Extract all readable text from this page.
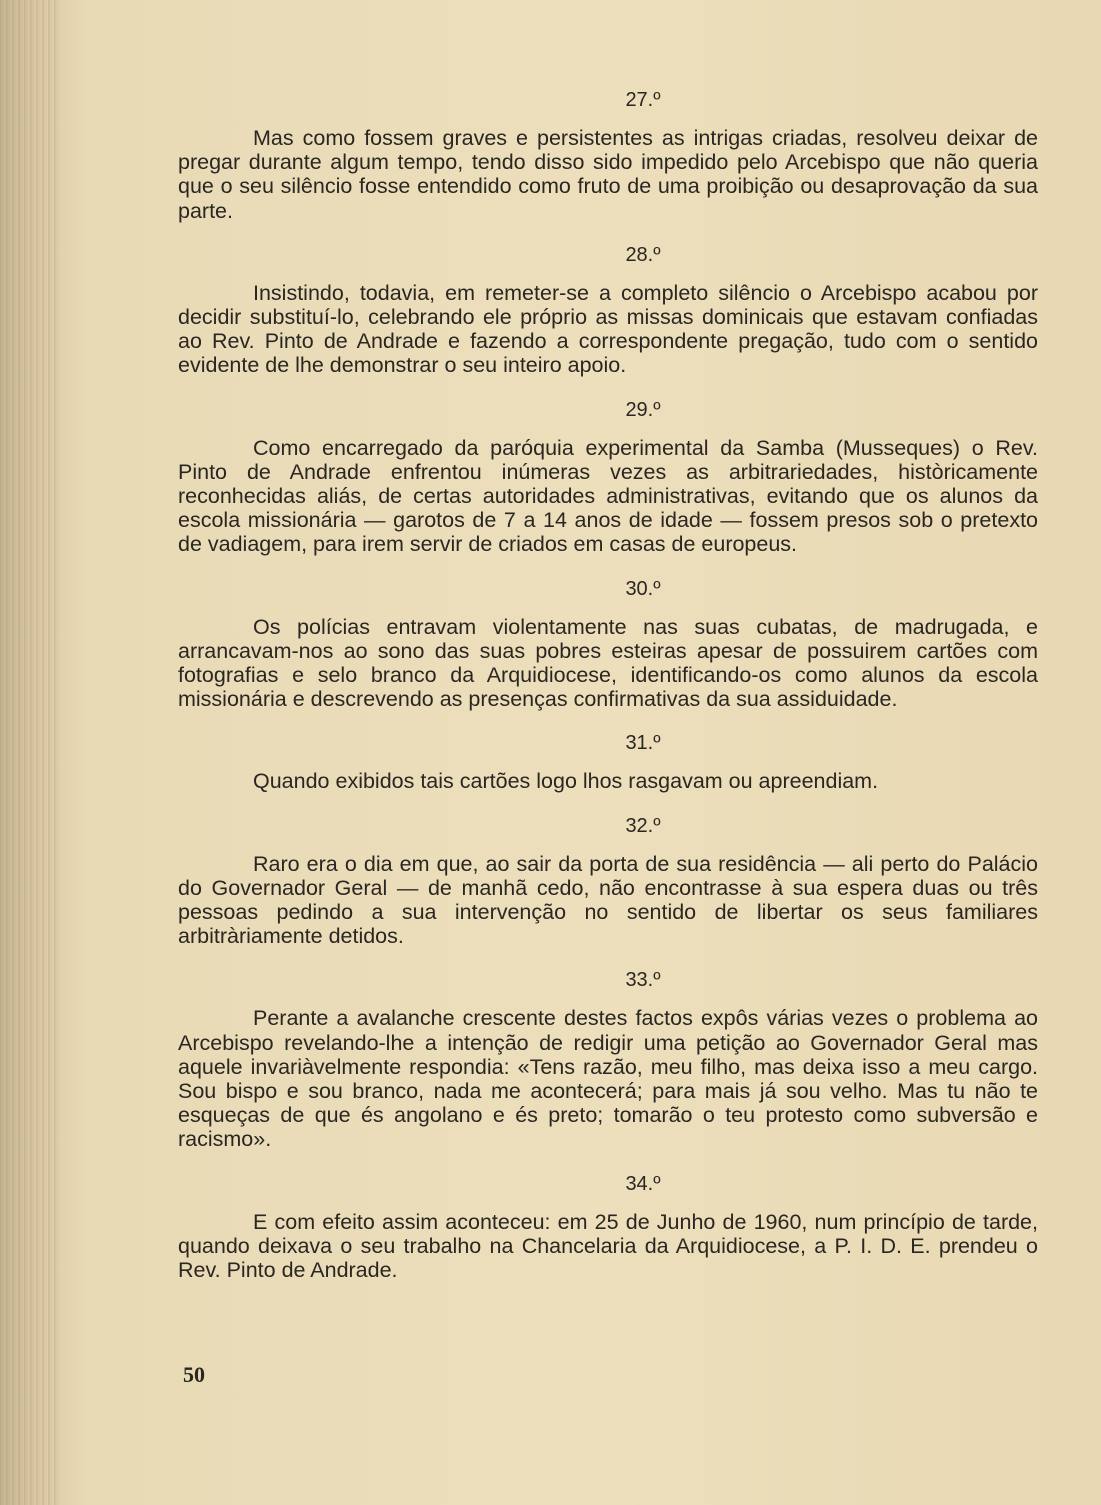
27.º

Mas como fossem graves e persistentes as intrigas criadas, resolveu deixar de pregar durante algum tempo, tendo disso sido impedido pelo Arcebispo que não queria que o seu silêncio fosse entendido como fruto de uma proibição ou desaprovação da sua parte.

28.º

Insistindo, todavia, em remeter-se a completo silêncio o Arcebispo acabou por decidir substituí-lo, celebrando ele próprio as missas dominicais que estavam confiadas ao Rev. Pinto de Andrade e fazendo a correspondente pregação, tudo com o sentido evidente de lhe demonstrar o seu inteiro apoio.

29.º

Como encarregado da paróquia experimental da Samba (Musseques) o Rev. Pinto de Andrade enfrentou inúmeras vezes as arbitrariedades, històricamente reconhecidas aliás, de certas autoridades administrativas, evitando que os alunos da escola missionária — garotos de 7 a 14 anos de idade — fossem presos sob o pretexto de vadiagem, para irem servir de criados em casas de europeus.

30.º

Os polícias entravam violentamente nas suas cubatas, de madrugada, e arrancavam-nos ao sono das suas pobres esteiras apesar de possuirem cartões com fotografias e selo branco da Arquidiocese, identificando-os como alunos da escola missionária e descrevendo as presenças confirmativas da sua assiduidade.

31.º

Quando exibidos tais cartões logo lhos rasgavam ou apreendiam.

32.º

Raro era o dia em que, ao sair da porta de sua residência — ali perto do Palácio do Governador Geral — de manhã cedo, não encontrasse à sua espera duas ou três pessoas pedindo a sua intervenção no sentido de libertar os seus familiares arbitràriamente detidos.

33.º

Perante a avalanche crescente destes factos expôs várias vezes o problema ao Arcebispo revelando-lhe a intenção de redigir uma petição ao Governador Geral mas aquele invariàvelmente respondia: «Tens razão, meu filho, mas deixa isso a meu cargo. Sou bispo e sou branco, nada me acontecerá; para mais já sou velho. Mas tu não te esqueças de que és angolano e és preto; tomarão o teu protesto como subversão e racismo».

34.º

E com efeito assim aconteceu: em 25 de Junho de 1960, num princípio de tarde, quando deixava o seu trabalho na Chancelaria da Arquidiocese, a P. I. D. E. prendeu o Rev. Pinto de Andrade.

50
